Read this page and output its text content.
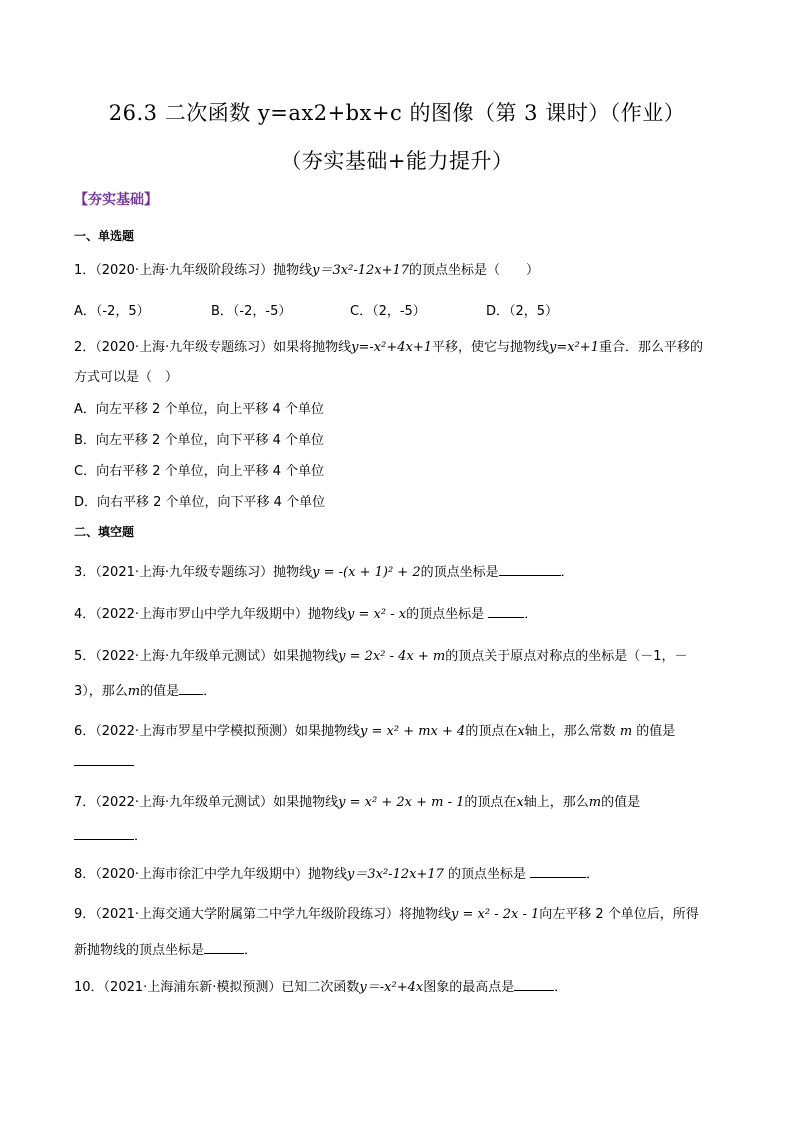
26.3 二次函数 y=ax2+bx+c 的图像（第 3 课时）（作业）
（夯实基础+能力提升）
【夯实基础】
一、单选题
1．（2020·上海·九年级阶段练习）抛物线y＝3x²-12x+17的顶点坐标是（　　）
A．（-2，5）	B．（-2，-5）	C．（2，-5）	D．（2，5）
2．（2020·上海·九年级专题练习）如果将抛物线y=-x²+4x+1平移，使它与抛物线y=x²+1重合．那么平移的
方式可以是（　）
A．向左平移 2 个单位，向上平移 4 个单位
B．向左平移 2 个单位，向下平移 4 个单位
C．向右平移 2 个单位，向上平移 4 个单位
D．向右平移 2 个单位，向下平移 4 个单位
二、填空题
3．（2021·上海·九年级专题练习）抛物线y = -(x + 1)² + 2的顶点坐标是	．
4．（2022·上海市罗山中学九年级期中）抛物线y = x² - x的顶点坐标是	．
5．（2022·上海·九年级单元测试）如果抛物线y = 2x² - 4x + m的顶点关于原点对称点的坐标是（－1，－
3），那么m的值是 ．
6．（2022·上海市罗星中学模拟预测）如果抛物线y = x² + mx + 4的顶点在x轴上，那么常数 m 的值是
7．（2022·上海·九年级单元测试）如果抛物线y = x² + 2x + m - 1的顶点在x轴上，那么m的值是
．
8．（2020·上海市徐汇中学九年级期中）抛物线y＝3x²-12x+17 的顶点坐标是	．
9．（2021·上海交通大学附属第二中学九年级阶段练习）将抛物线y = x² - 2x - 1向左平移 2 个单位后，所得
新抛物线的顶点坐标是	．
10．（2021·上海浦东新·模拟预测）已知二次函数y＝-x²+4x图象的最高点是	．
